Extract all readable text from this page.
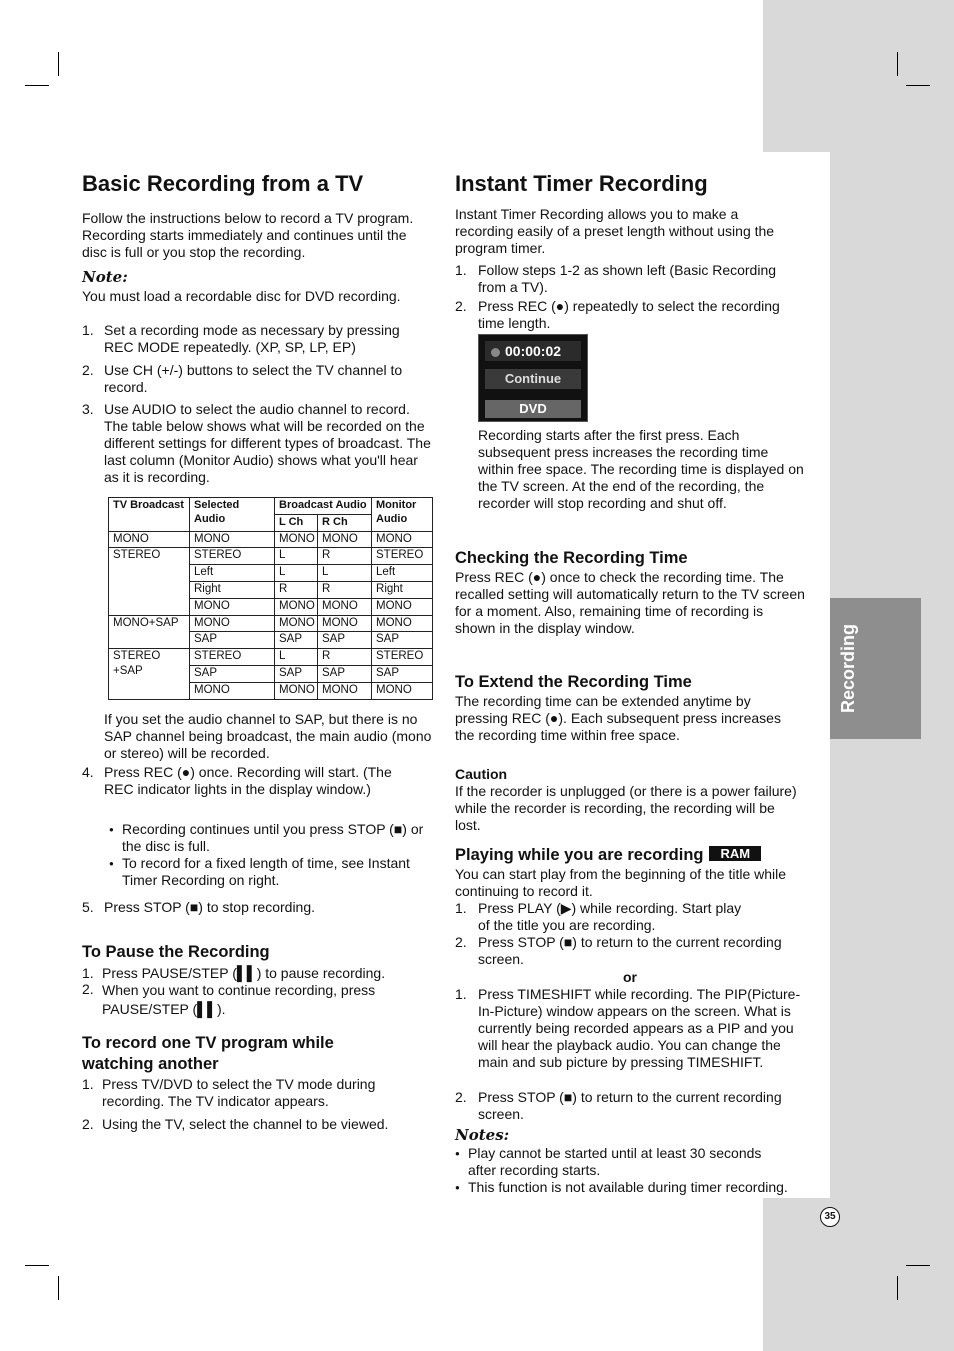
Recording
Basic Recording from a TV

Follow the instructions below to record a TV program. Recording starts immediately and continues until the disc is full or you stop the recording.

Note:

You must load a recordable disc for DVD recording.

1. Set a recording mode as necessary by pressing REC MODE repeatedly. (XP, SP, LP, EP)

2. Use CH (+/-) buttons to select the TV channel to record.

3. Use AUDIO to select the audio channel to record. The table below shows what will be recorded on the different settings for different types of broadcast. The last column (Monitor Audio) shows what you'll hear as it is recording.

TV Broadcast	Selected Audio	Broadcast Audio		Monitor Audio
		L Ch	R Ch	
MONO	MONO	MONO	MONO	MONO
STEREO	STEREO	L	R	STEREO
	Left	L	L	Left
	Right	R	R	Right
	MONO	MONO	MONO	MONO
MONO+SAP	MONO	MONO	MONO	MONO
	SAP	SAP	SAP	SAP
STEREO +SAP	STEREO	L	R	STEREO
	SAP	SAP	SAP	SAP
	MONO	MONO	MONO	MONO

If you set the audio channel to SAP, but there is no SAP channel being broadcast, the main audio (mono or stereo) will be recorded.

4. Press REC (●) once. Recording will start. (The REC indicator lights in the display window.)

● Recording continues until you press STOP (■) or the disc is full.

● To record for a fixed length of time, see Instant Timer Recording on right.

5. Press STOP (■) to stop recording.

To Pause the Recording
1. Press PAUSE/STEP (▌▌) to pause recording.

2. When you want to continue recording, press PAUSE/STEP (▌▌).

To record one TV program while watching another
1. Press TV/DVD to select the TV mode during recording. The TV indicator appears.

2. Using the TV, select the channel to be viewed.

Instant Timer Recording

Instant Timer Recording allows you to make a recording easily of a preset length without using the program timer.

1. Follow steps 1-2 as shown left (Basic Recording from a TV).

2. Press REC (●) repeatedly to select the recording time length.

00:00:02
Continue
DVD

Recording starts after the first press. Each subsequent press increases the recording time within free space. The recording time is displayed on the TV screen. At the end of the recording, the recorder will stop recording and shut off.

Checking the Recording Time

Press REC (●) once to check the recording time. The recalled setting will automatically return to the TV screen for a moment. Also, remaining time of recording is shown in the display window.

To Extend the Recording Time

The recording time can be extended anytime by pressing REC (●). Each subsequent press increases the recording time within free space.

Caution

If the recorder is unplugged (or there is a power failure) while the recorder is recording, the recording will be lost.

Playing while you are recording RAM

You can start play from the beginning of the title while continuing to record it.

1. Press PLAY (▶) while recording. Start play of the title you are recording.

2. Press STOP (■) to return to the current recording screen.

or

1. Press TIMESHIFT while recording. The PIP(Picture-In-Picture) window appears on the screen. What is currently being recorded appears as a PIP and you will hear the playback audio. You can change the main and sub picture by pressing TIMESHIFT.

2. Press STOP (■) to return to the current recording screen.

Notes:

● Play cannot be started until at least 30 seconds after recording starts.

● This function is not available during timer recording.

35
